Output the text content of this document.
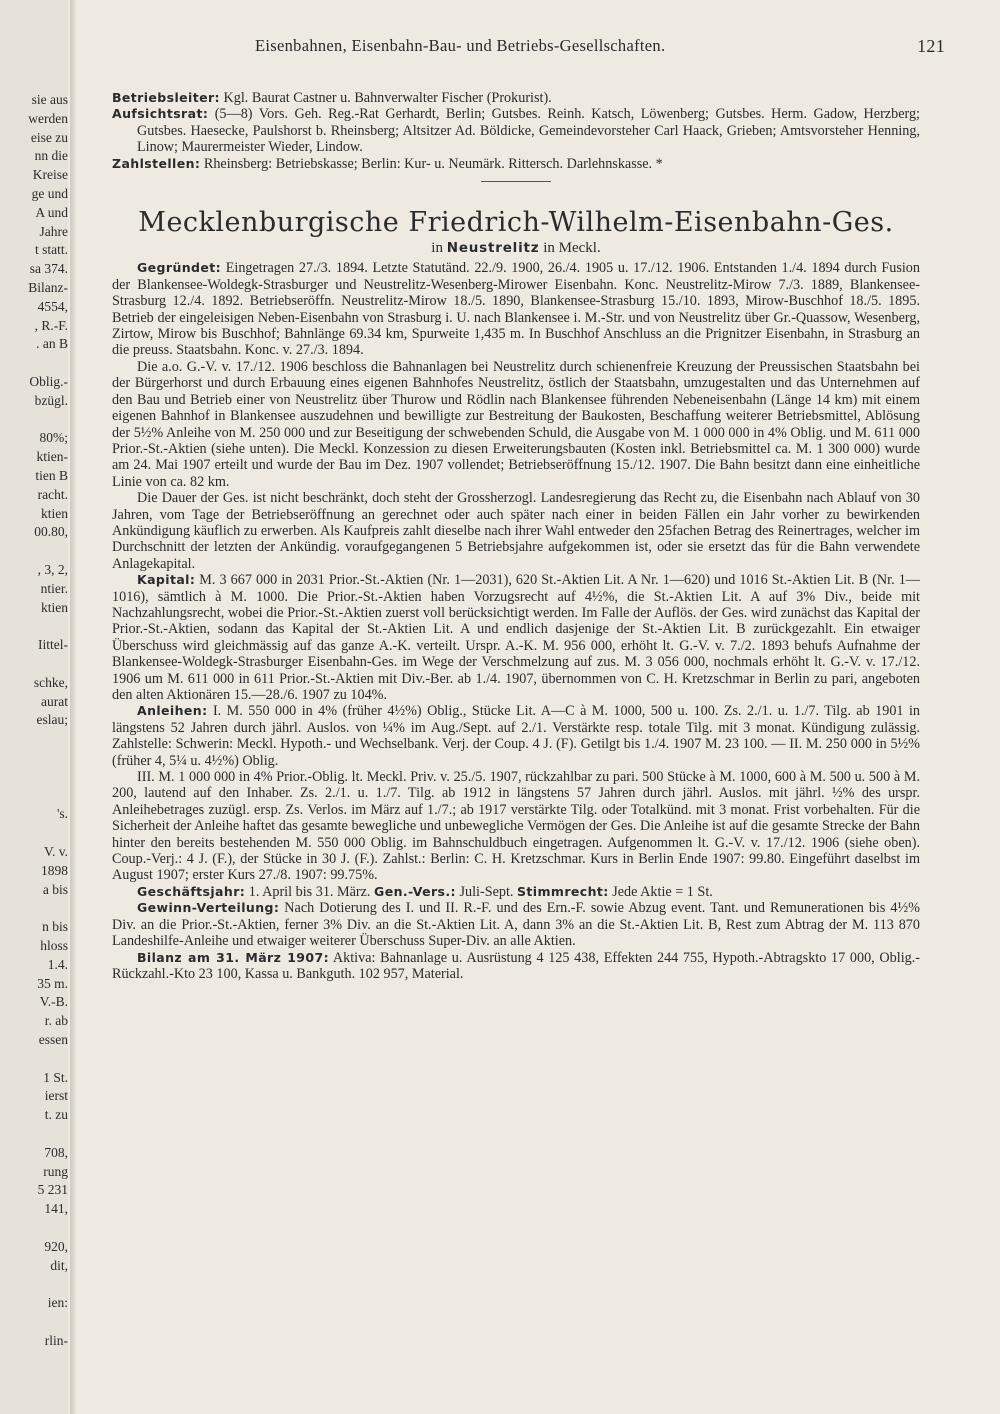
sie aus
werden
eise zu
nn die
Kreise
ge und
A und
Jahre
t statt.
sa 374.
Bilanz-
4554,
, R.-F.
. an B
Oblig.-
bzügl.
80%;
ktien-
tien B
racht.
ktien
00.80,
, 3, 2,
ntier.
ktien
Iittel-
schke,
aurat
eslau;
's.
V. v.
1898
a bis
n bis
hloss
1.4.
35 m.
V.-B.
r. ab
essen
1 St.
ierst
t. zu
708,
rung
5 231
141,
920,
dit,
ien:
rlin-
Eisenbahnen, Eisenbahn-Bau- und Betriebs-Gesellschaften.	121

Betriebsleiter: Kgl. Baurat Castner u. Bahnverwalter Fischer (Prokurist).

Aufsichtsrat: (5—8) Vors. Geh. Reg.-Rat Gerhardt, Berlin; Gutsbes. Reinh. Katsch, Löwenberg; Gutsbes. Herm. Gadow, Herzberg; Gutsbes. Haesecke, Paulshorst b. Rheinsberg; Altsitzer Ad. Böldicke, Gemeindevorsteher Carl Haack, Grieben; Amtsvorsteher Henning, Linow; Maurermeister Wieder, Lindow.

Zahlstellen: Rheinsberg: Betriebskasse; Berlin: Kur- u. Neumärk. Rittersch. Darlehnskasse. *

Mecklenburgische Friedrich-Wilhelm-Eisenbahn-Ges.
in Neustrelitz in Meckl.

Gegründet: Eingetragen 27./3. 1894. Letzte Statutänd. 22./9. 1900, 26./4. 1905 u. 17./12. 1906. Entstanden 1./4. 1894 durch Fusion der Blankensee-Woldegk-Strasburger und Neustrelitz-Wesenberg-Mirower Eisenbahn. Konc. Neustrelitz-Mirow 7./3. 1889, Blankensee-Strasburg 12./4. 1892. Betriebseröffn. Neustrelitz-Mirow 18./5. 1890, Blankensee-Strasburg 15./10. 1893, Mirow-Buschhof 18./5. 1895. Betrieb der eingeleisigen Neben-Eisenbahn von Strasburg i. U. nach Blankensee i. M.-Str. und von Neustrelitz über Gr.-Quassow, Wesenberg, Zirtow, Mirow bis Buschhof; Bahnlänge 69.34 km, Spurweite 1,435 m. In Buschhof Anschluss an die Prignitzer Eisenbahn, in Strasburg an die preuss. Staatsbahn. Konc. v. 27./3. 1894.

Die a.o. G.-V. v. 17./12. 1906 beschloss die Bahnanlagen bei Neustrelitz durch schienenfreie Kreuzung der Preussischen Staatsbahn bei der Bürgerhorst und durch Erbauung eines eigenen Bahnhofes Neustrelitz, östlich der Staatsbahn, umzugestalten und das Unternehmen auf den Bau und Betrieb einer von Neustrelitz über Thurow und Rödlin nach Blankensee führenden Nebeneisenbahn (Länge 14 km) mit einem eigenen Bahnhof in Blankensee auszudehnen und bewilligte zur Bestreitung der Baukosten, Beschaffung weiterer Betriebsmittel, Ablösung der 5½% Anleihe von M. 250 000 und zur Beseitigung der schwebenden Schuld, die Ausgabe von M. 1 000 000 in 4% Oblig. und M. 611 000 Prior.-St.-Aktien (siehe unten). Die Meckl. Konzession zu diesen Erweiterungsbauten (Kosten inkl. Betriebsmittel ca. M. 1 300 000) wurde am 24. Mai 1907 erteilt und wurde der Bau im Dez. 1907 vollendet; Betriebseröffnung 15./12. 1907. Die Bahn besitzt dann eine einheitliche Linie von ca. 82 km.

Die Dauer der Ges. ist nicht beschränkt, doch steht der Grossherzogl. Landesregierung das Recht zu, die Eisenbahn nach Ablauf von 30 Jahren, vom Tage der Betriebseröffnung an gerechnet oder auch später nach einer in beiden Fällen ein Jahr vorher zu bewirkenden Ankündigung käuflich zu erwerben. Als Kaufpreis zahlt dieselbe nach ihrer Wahl entweder den 25fachen Betrag des Reinertrages, welcher im Durchschnitt der letzten der Ankündig. voraufgegangenen 5 Betriebsjahre aufgekommen ist, oder sie ersetzt das für die Bahn verwendete Anlagekapital.

Kapital: M. 3 667 000 in 2031 Prior.-St.-Aktien (Nr. 1—2031), 620 St.-Aktien Lit. A Nr. 1—620) und 1016 St.-Aktien Lit. B (Nr. 1—1016), sämtlich à M. 1000. Die Prior.-St.-Aktien haben Vorzugsrecht auf 4½%, die St.-Aktien Lit. A auf 3% Div., beide mit Nachzahlungsrecht, wobei die Prior.-St.-Aktien zuerst voll berücksichtigt werden. Im Falle der Auflös. der Ges. wird zunächst das Kapital der Prior.-St.-Aktien, sodann das Kapital der St.-Aktien Lit. A und endlich dasjenige der St.-Aktien Lit. B zurückgezahlt. Ein etwaiger Überschuss wird gleichmässig auf das ganze A.-K. verteilt. Urspr. A.-K. M. 956 000, erhöht lt. G.-V. v. 7./2. 1893 behufs Aufnahme der Blankensee-Woldegk-Strasburger Eisenbahn-Ges. im Wege der Verschmelzung auf zus. M. 3 056 000, nochmals erhöht lt. G.-V. v. 17./12. 1906 um M. 611 000 in 611 Prior.-St.-Aktien mit Div.-Ber. ab 1./4. 1907, übernommen von C. H. Kretzschmar in Berlin zu pari, angeboten den alten Aktionären 15.—28./6. 1907 zu 104%.

Anleihen: I. M. 550 000 in 4% (früher 4½%) Oblig., Stücke Lit. A—C à M. 1000, 500 u. 100. Zs. 2./1. u. 1./7. Tilg. ab 1901 in längstens 52 Jahren durch jährl. Auslos. von ¼% im Aug./Sept. auf 2./1. Verstärkte resp. totale Tilg. mit 3 monat. Kündigung zulässig. Zahlstelle: Schwerin: Meckl. Hypoth.- und Wechselbank. Verj. der Coup. 4 J. (F). Getilgt bis 1./4. 1907 M. 23 100. — II. M. 250 000 in 5½% (früher 4, 5¼ u. 4½%) Oblig.

III. M. 1 000 000 in 4% Prior.-Oblig. lt. Meckl. Priv. v. 25./5. 1907, rückzahlbar zu pari. 500 Stücke à M. 1000, 600 à M. 500 u. 500 à M. 200, lautend auf den Inhaber. Zs. 2./1. u. 1./7. Tilg. ab 1912 in längstens 57 Jahren durch jährl. Auslos. mit jährl. ½% des urspr. Anleihebetrages zuzügl. ersp. Zs. Verlos. im März auf 1./7.; ab 1917 verstärkte Tilg. oder Totalkünd. mit 3 monat. Frist vorbehalten. Für die Sicherheit der Anleihe haftet das gesamte bewegliche und unbewegliche Vermögen der Ges. Die Anleihe ist auf die gesamte Strecke der Bahn hinter den bereits bestehenden M. 550 000 Oblig. im Bahnschuldbuch eingetragen. Aufgenommen lt. G.-V. v. 17./12. 1906 (siehe oben). Coup.-Verj.: 4 J. (F.), der Stücke in 30 J. (F.). Zahlst.: Berlin: C. H. Kretzschmar. Kurs in Berlin Ende 1907: 99.80. Eingeführt daselbst im August 1907; erster Kurs 27./8. 1907: 99.75%.

Geschäftsjahr: 1. April bis 31. März. Gen.-Vers.: Juli-Sept. Stimmrecht: Jede Aktie = 1 St.

Gewinn-Verteilung: Nach Dotierung des I. und II. R.-F. und des Ern.-F. sowie Abzug event. Tant. und Remunerationen bis 4½% Div. an die Prior.-St.-Aktien, ferner 3% Div. an die St.-Aktien Lit. A, dann 3% an die St.-Aktien Lit. B, Rest zum Abtrag der M. 113 870 Landeshilfe-Anleihe und etwaiger weiterer Überschuss Super-Div. an alle Aktien.

Bilanz am 31. März 1907: Aktiva: Bahnanlage u. Ausrüstung 4 125 438, Effekten 244 755, Hypoth.-Abtragskto 17 000, Oblig.-Rückzahl.-Kto 23 100, Kassa u. Bankguth. 102 957, Material.
